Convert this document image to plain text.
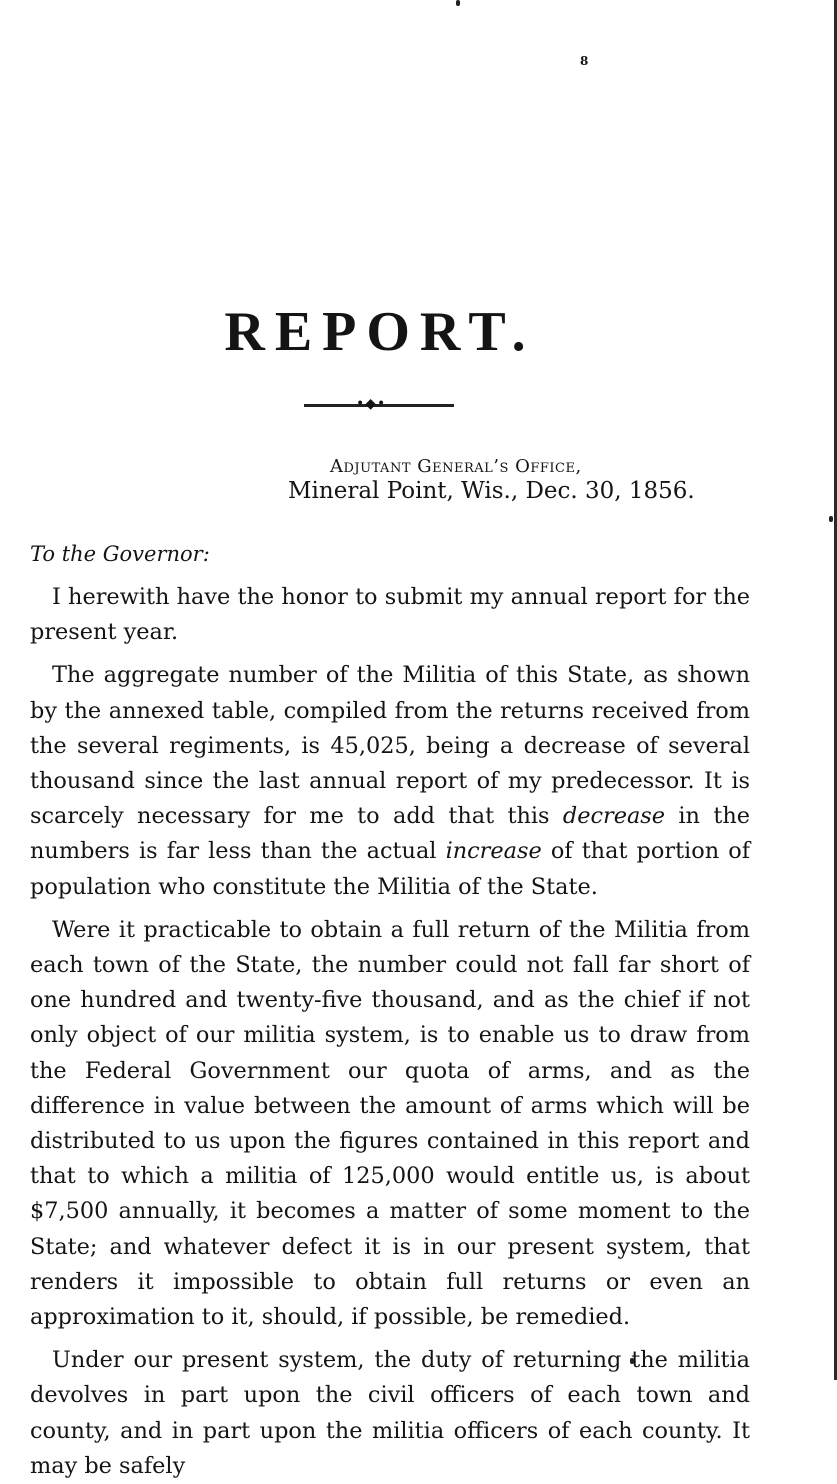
8
REPORT.
•◆•
Adjutant General’s Office,
Mineral Point, Wis., Dec. 30, 1856.
To the Governor:

I herewith have the honor to submit my annual report for the present year.

The aggregate number of the Militia of this State, as shown by the annexed table, compiled from the returns received from the several regiments, is 45,025, being a decrease of several thousand since the last annual report of my predecessor. It is scarcely necessary for me to add that this decrease in the numbers is far less than the actual increase of that portion of population who constitute the Militia of the State.

Were it practicable to obtain a full return of the Militia from each town of the State, the number could not fall far short of one hundred and twenty-five thousand, and as the chief if not only object of our militia system, is to enable us to draw from the Federal Government our quota of arms, and as the difference in value between the amount of arms which will be distributed to us upon the figures contained in this report and that to which a militia of 125,000 would entitle us, is about $7,500 annually, it becomes a matter of some moment to the State; and whatever defect it is in our present system, that renders it impossible to obtain full returns or even an approximation to it, should, if possible, be remedied.

Under our present system, the duty of returning the militia devolves in part upon the civil officers of each town and county, and in part upon the militia officers of each county. It may be safely
